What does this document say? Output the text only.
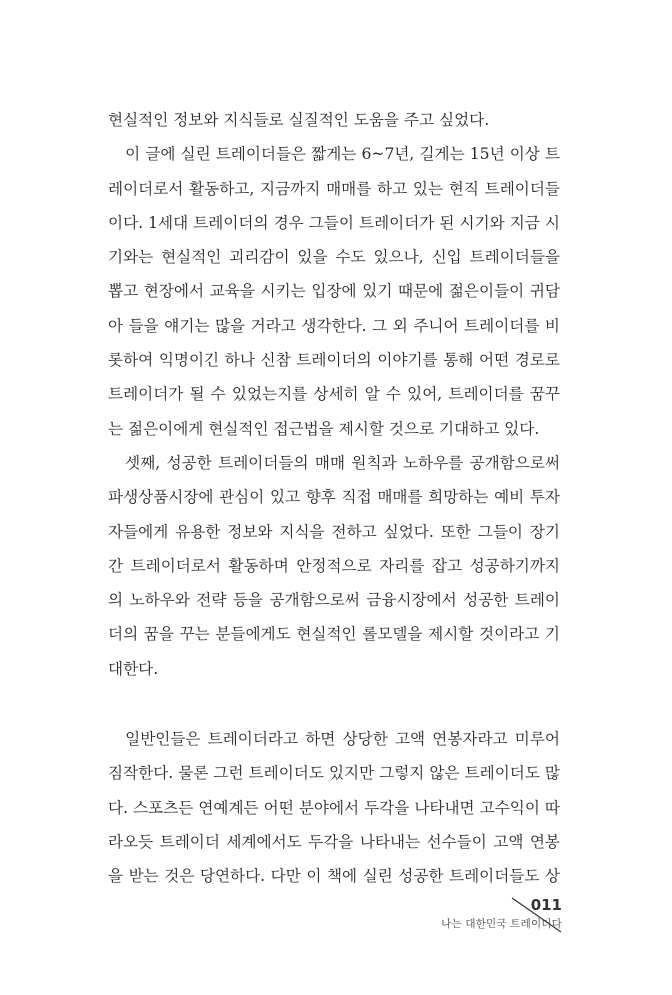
현실적인 정보와 지식들로 실질적인 도움을 주고 싶었다.
이 글에 실린 트레이더들은 짧게는 6~7년, 길게는 15년 이상 트
레이더로서 활동하고, 지금까지 매매를 하고 있는 현직 트레이더들
이다. 1세대 트레이더의 경우 그들이 트레이더가 된 시기와 지금 시
기와는 현실적인 괴리감이 있을 수도 있으나, 신입 트레이더들을
뽑고 현장에서 교육을 시키는 입장에 있기 때문에 젊은이들이 귀담
아 들을 얘기는 많을 거라고 생각한다. 그 외 주니어 트레이더를 비
롯하여 익명이긴 하나 신참 트레이더의 이야기를 통해 어떤 경로로
트레이더가 될 수 있었는지를 상세히 알 수 있어, 트레이더를 꿈꾸
는 젊은이에게 현실적인 접근법을 제시할 것으로 기대하고 있다.
셋째, 성공한 트레이더들의 매매 원칙과 노하우를 공개함으로써
파생상품시장에 관심이 있고 향후 직접 매매를 희망하는 예비 투자
자들에게 유용한 정보와 지식을 전하고 싶었다. 또한 그들이 장기
간 트레이더로서 활동하며 안정적으로 자리를 잡고 성공하기까지
의 노하우와 전략 등을 공개함으로써 금융시장에서 성공한 트레이
더의 꿈을 꾸는 분들에게도 현실적인 롤모델을 제시할 것이라고 기
대한다.
일반인들은 트레이더라고 하면 상당한 고액 연봉자라고 미루어
짐작한다. 물론 그런 트레이더도 있지만 그렇지 않은 트레이더도 많
다. 스포츠든 연예계든 어떤 분야에서 두각을 나타내면 고수익이 따
라오듯 트레이더 세계에서도 두각을 나타내는 선수들이 고액 연봉
을 받는 것은 당연하다. 다만 이 책에 실린 성공한 트레이더들도 상
011
나는 대한민국 트레이더다
